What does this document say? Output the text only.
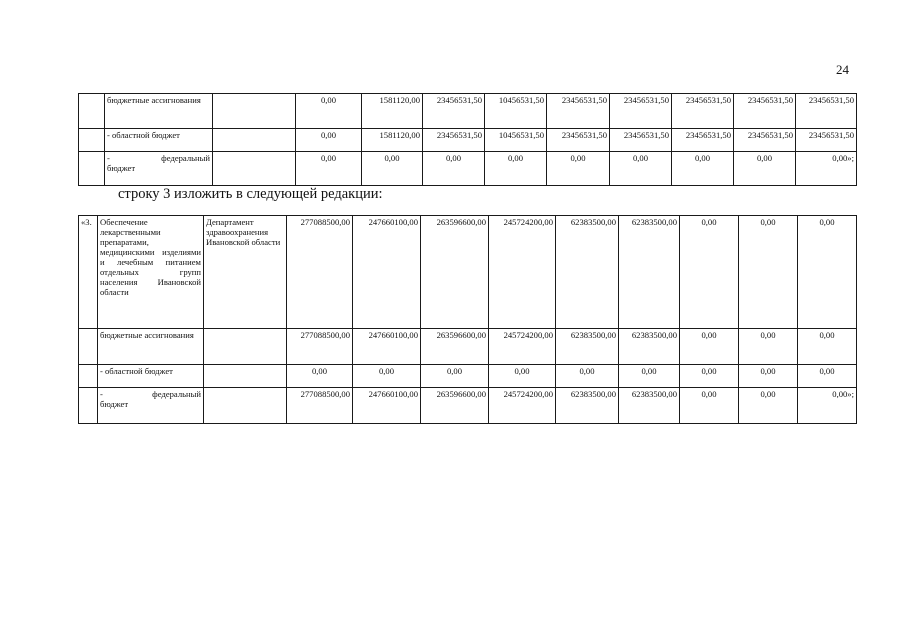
24
	бюджетные ассигнования		0,00	1581120,00	23456531,50	10456531,50	23456531,50	23456531,50	23456531,50	23456531,50	23456531,50
	- областной бюджет		0,00	1581120,00	23456531,50	10456531,50	23456531,50	23456531,50	23456531,50	23456531,50	23456531,50

	- федеральный
бюджет		0,00	0,00	0,00	0,00	0,00	0,00	0,00	0,00	0,00»;
строку 3 изложить в следующей редакции:
«3.	Обеспечение лекарственными препаратами, медицинскими изделиями и лечебным питанием отдельных групп населения Ивановской области	Департамент здравоохранения Ивановской области	277088500,00	247660100,00	263596600,00	245724200,00	62383500,00	62383500,00	0,00	0,00	0,00
	бюджетные ассигнования		277088500,00	247660100,00	263596600,00	245724200,00	62383500,00	62383500,00	0,00	0,00	0,00
	- областной бюджет		0,00	0,00	0,00	0,00	0,00	0,00	0,00	0,00	0,00

	- федеральный
бюджет		277088500,00	247660100,00	263596600,00	245724200,00	62383500,00	62383500,00	0,00	0,00	0,00»;
